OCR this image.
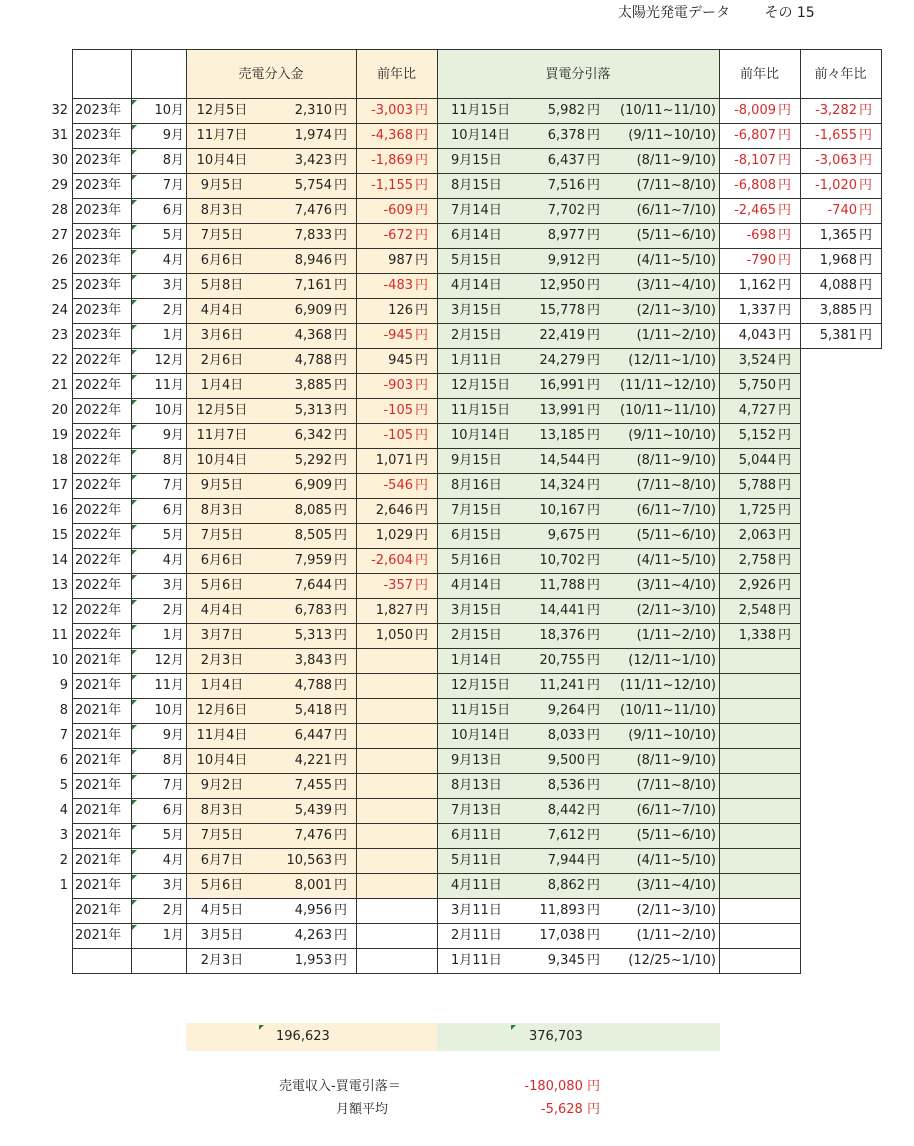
太陽光発電データ その 15
売電分入金	前年比	買電分引落	前年比	前々年比
32 2023年	10月 12月5日	2,310 円	-3,003 円	11月15日	5,982 円	(10/11~11/10)	-8,009 円	-3,282 円
31 2023年	9月 11月7日	1,974 円	-4,368 円	10月14日	6,378 円	(9/11~10/10)	-6,807 円	-1,655 円
30 2023年	8月 10月4日	3,423 円	-1,869 円	9月15日	6,437 円	(8/11~9/10)	-8,107 円	-3,063 円
29 2023年	7月	9月5日	5,754 円	-1,155 円	8月15日	7,516 円	(7/11~8/10)	-6,808 円	-1,020 円
28 2023年	6月	8月3日	7,476 円	-609 円	7月14日	7,702 円	(6/11~7/10)	-2,465 円	-740 円
27 2023年	5月	7月5日	7,833 円	-672 円	6月14日	8,977 円	(5/11~6/10)	-698 円	1,365 円
26 2023年	4月	6月6日	8,946 円	987 円	5月15日	9,912 円	(4/11~5/10)	-790 円	1,968 円
25 2023年	3月	5月8日	7,161 円	-483 円	4月14日	12,950 円	(3/11~4/10)	1,162 円	4,088 円
24 2023年	2月	4月4日	6,909 円	126 円	3月15日	15,778 円	(2/11~3/10)	1,337 円	3,885 円
23 2023年	1月	3月6日	4,368 円	-945 円	2月15日	22,419 円	(1/11~2/10)	4,043 円	5,381 円
22 2022年	12月	2月6日	4,788 円	945 円	1月11日	24,279 円	(12/11~1/10)	3,524 円
21 2022年	11月	1月4日	3,885 円	-903 円	12月15日	16,991 円	(11/11~12/10)	5,750 円
20 2022年	10月 12月5日	5,313 円	-105 円	11月15日	13,991 円	(10/11~11/10)	4,727 円
19 2022年	9月 11月7日	6,342 円	-105 円	10月14日	13,185 円	(9/11~10/10)	5,152 円
18 2022年	8月 10月4日	5,292 円	1,071 円	9月15日	14,544 円	(8/11~9/10)	5,044 円
17 2022年	7月	9月5日	6,909 円	-546 円	8月16日	14,324 円	(7/11~8/10)	5,788 円
16 2022年	6月	8月3日	8,085 円	2,646 円	7月15日	10,167 円	(6/11~7/10)	1,725 円
15 2022年	5月	7月5日	8,505 円	1,029 円	6月15日	9,675 円	(5/11~6/10)	2,063 円
14 2022年	4月	6月6日	7,959 円	-2,604 円	5月16日	10,702 円	(4/11~5/10)	2,758 円
13 2022年	3月	5月6日	7,644 円	-357 円	4月14日	11,788 円	(3/11~4/10)	2,926 円
12 2022年	2月	4月4日	6,783 円	1,827 円	3月15日	14,441 円	(2/11~3/10)	2,548 円
11 2022年	1月	3月7日	5,313 円	1,050 円	2月15日	18,376 円	(1/11~2/10)	1,338 円
10 2021年	12月	2月3日	3,843 円	1月14日	20,755 円	(12/11~1/10)
9 2021年	11月	1月4日	4,788 円	12月15日	11,241 円	(11/11~12/10)
8 2021年	10月 12月6日	5,418 円	11月15日	9,264 円	(10/11~11/10)
7 2021年	9月 11月4日	6,447 円	10月14日	8,033 円	(9/11~10/10)
6 2021年	8月 10月4日	4,221 円	9月13日	9,500 円	(8/11~9/10)
5 2021年	7月	9月2日	7,455 円	8月13日	8,536 円	(7/11~8/10)
4 2021年	6月	8月3日	5,439 円	7月13日	8,442 円	(6/11~7/10)
3 2021年	5月	7月5日	7,476 円	6月11日	7,612 円	(5/11~6/10)
2 2021年	4月	6月7日	10,563 円	5月11日	7,944 円	(4/11~5/10)
1 2021年	3月	5月6日	8,001 円	4月11日	8,862 円	(3/11~4/10)
2021年	2月	4月5日	4,956 円	3月11日	11,893 円	(2/11~3/10)
2021年	1月	3月5日	4,263 円	2月11日	17,038 円	(1/11~2/10)
2月3日	1,953 円	1月11日	9,345 円	(12/25~1/10)
196,623	376,703
売電収入-買電引落＝	-180,080 円
月額平均	-5,628 円
